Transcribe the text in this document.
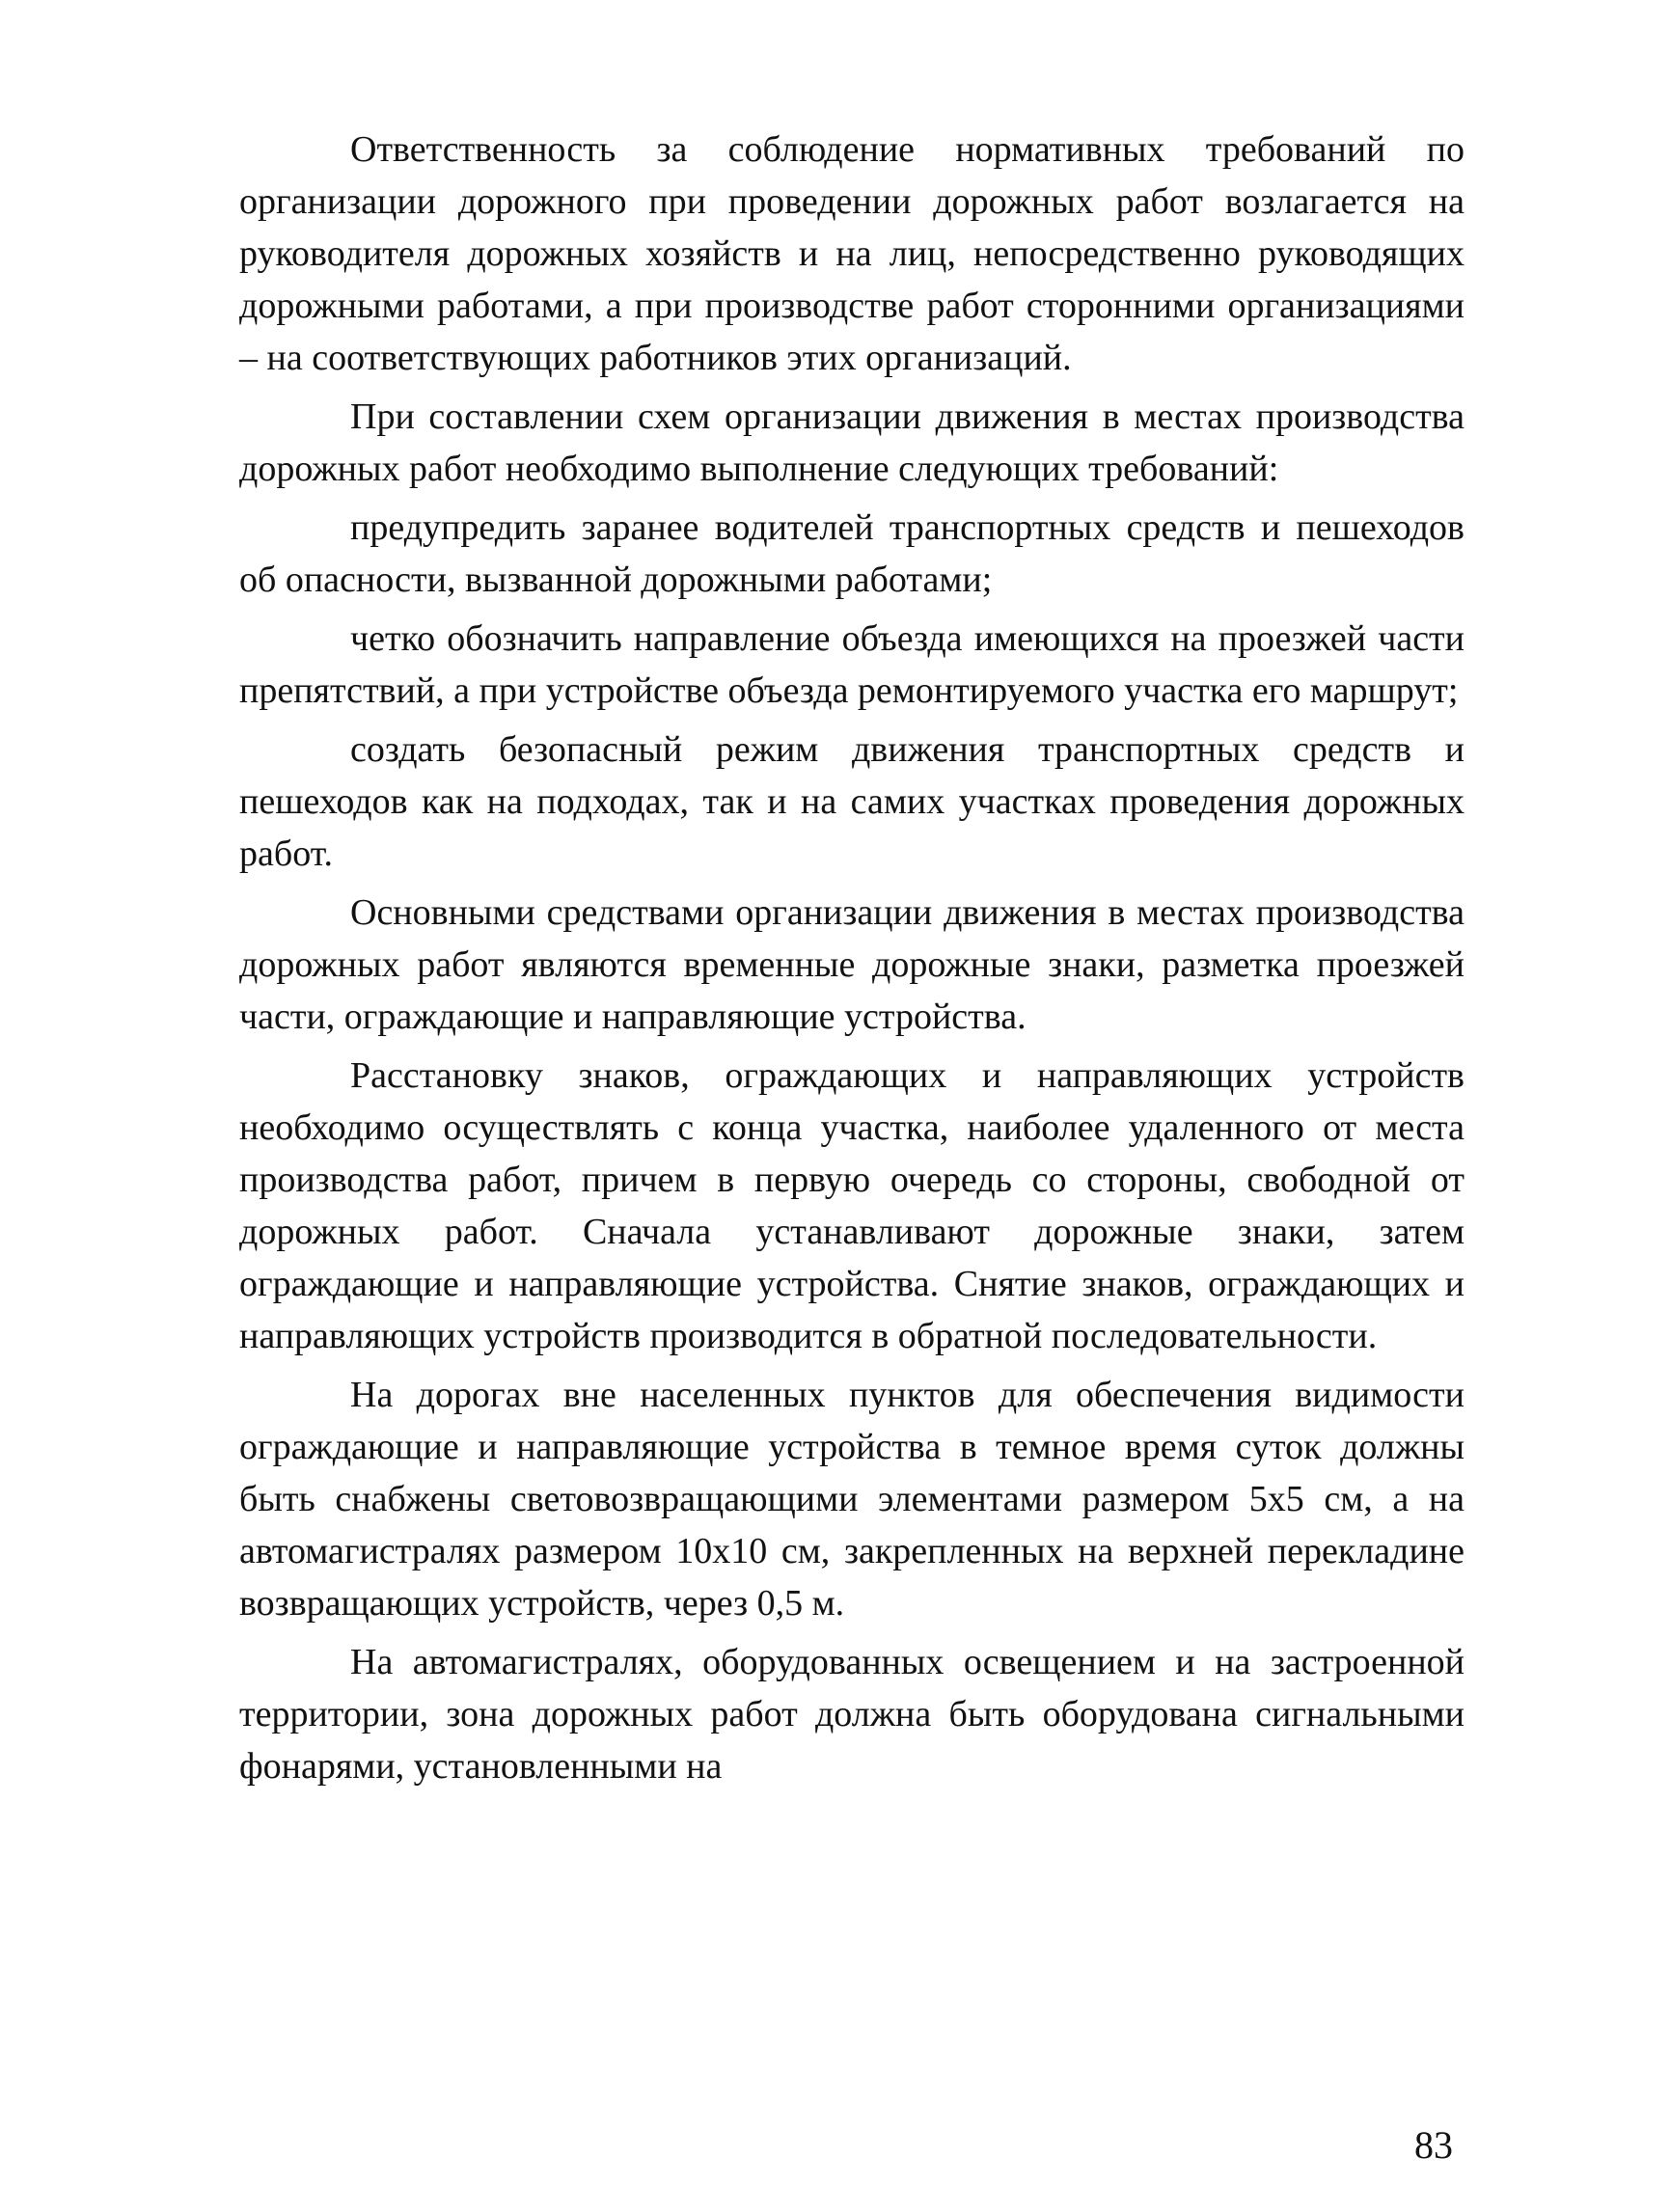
Ответственность за соблюдение нормативных требований по организации дорожного при проведении дорожных работ возлагается на руководителя дорожных хозяйств и на лиц, непосредственно руководящих дорожными работами, а при производстве работ сторонними организациями – на соответствующих работников этих организаций.

При составлении схем организации движения в местах производства дорожных работ необходимо выполнение следующих требований:

предупредить заранее водителей транспортных средств и пешеходов об опасности, вызванной дорожными работами;

четко обозначить направление объезда имеющихся на проезжей части препятствий, а при устройстве объезда ремонтируемого участка его маршрут;

создать безопасный режим движения транспортных средств и пешеходов как на подходах, так и на самих участках проведения дорожных работ.

Основными средствами организации движения в местах производства дорожных работ являются временные дорожные знаки, разметка проезжей части, ограждающие и направляющие устройства.

Расстановку знаков, ограждающих и направляющих устройств необходимо осуществлять с конца участка, наиболее удаленного от места производства работ, причем в первую очередь со стороны, свободной от дорожных работ. Сначала устанавливают дорожные знаки, затем ограждающие и направляющие устройства. Снятие знаков, ограждающих и направляющих устройств производится в обратной последовательности.

На дорогах вне населенных пунктов для обеспечения видимости ограждающие и направляющие устройства в темное время суток должны быть снабжены световозвращающими элементами размером 5x5 см, а на автомагистралях размером 10x10 см, закрепленных на верхней перекладине возвращающих устройств, через 0,5 м.

На автомагистралях, оборудованных освещением и на застроенной территории, зона дорожных работ должна быть оборудована сигнальными фонарями, установленными на

83
